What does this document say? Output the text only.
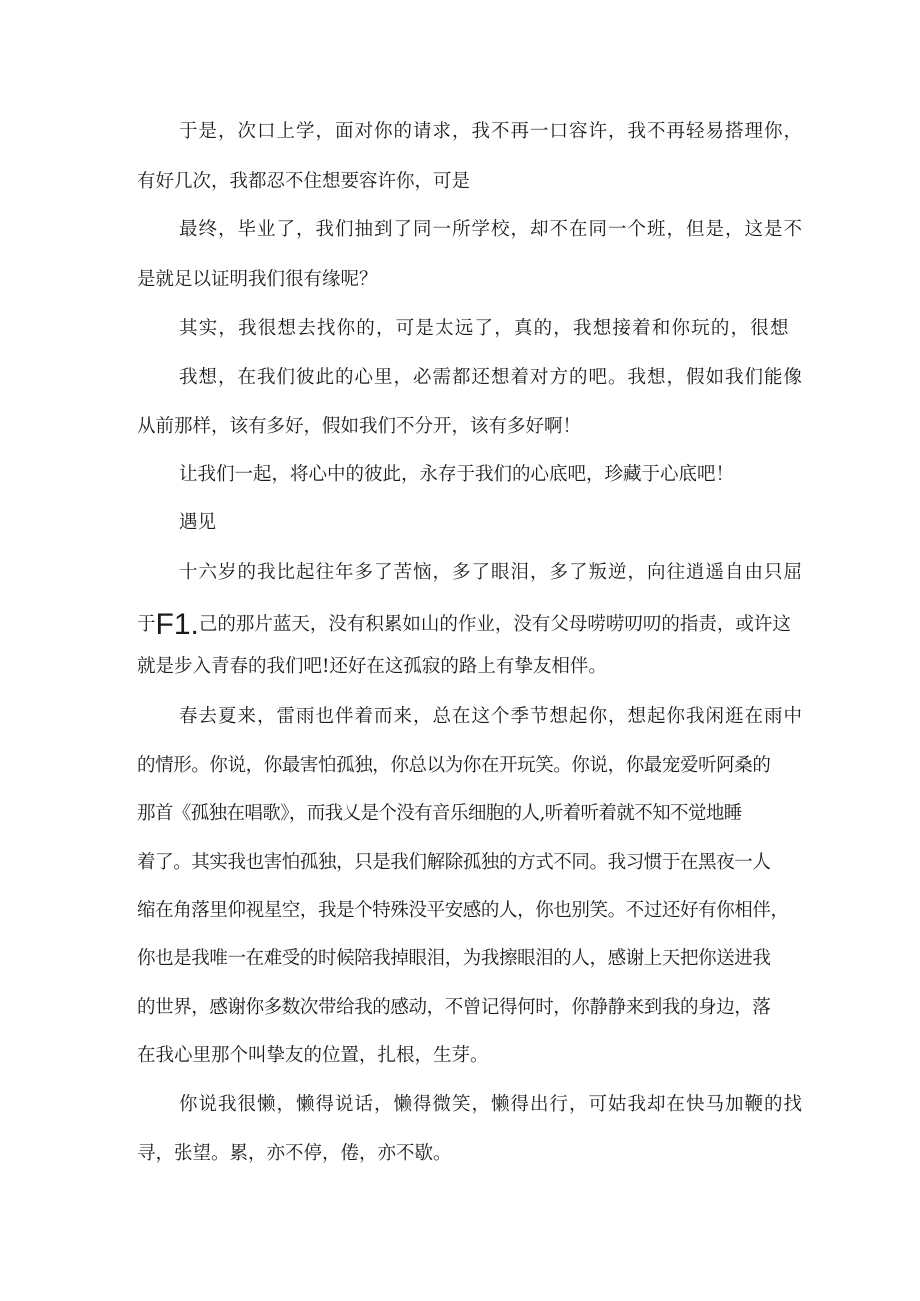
于是，次口上学，面对你的请求，我不再一口容许，我不再轻易搭理你，
有好几次，我都忍不住想要容许你，可是
最终，毕业了，我们抽到了同一所学校，却不在同一个班，但是，这是不
是就足以证明我们很有缘呢？
其实，我很想去找你的，可是太远了，真的，我想接着和你玩的，很想
我想，在我们彼此的心里，必需都还想着对方的吧。我想，假如我们能像
从前那样，该有多好，假如我们不分开，该有多好啊！
让我们一起，将心中的彼此，永存于我们的心底吧，珍藏于心底吧！
遇见
十六岁的我比起往年多了苦恼，多了眼泪，多了叛逆，向往逍遥自由只屈
于F1.己的那片蓝天，没有积累如山的作业，没有父母唠唠叨叨的指责，或许这
就是步入青春的我们吧!还好在这孤寂的路上有挚友相伴。
春去夏来，雷雨也伴着而来，总在这个季节想起你，想起你我闲逛在雨中
的情形。你说，你最害怕孤独，你总以为你在开玩笑。你说，你最宠爱听阿桑的
那首《孤独在唱歌》，而我乂是个没有音乐细胞的人,听着听着就不知不觉地睡
着了。其实我也害怕孤独，只是我们解除孤独的方式不同。我习惯于在黑夜一人
缩在角落里仰视星空，我是个特殊没平安感的人，你也别笑。不过还好有你相伴，
你也是我唯一在难受的时候陪我掉眼泪，为我擦眼泪的人，感谢上天把你送进我
的世界，感谢你多数次带给我的感动，不曾记得何时，你静静来到我的身边，落
在我心里那个叫挚友的位置，扎根，生芽。
你说我很懒，懒得说话，懒得微笑，懒得出行，可姑我却在快马加鞭的找
寻，张望。累，亦不停，倦，亦不歇。
